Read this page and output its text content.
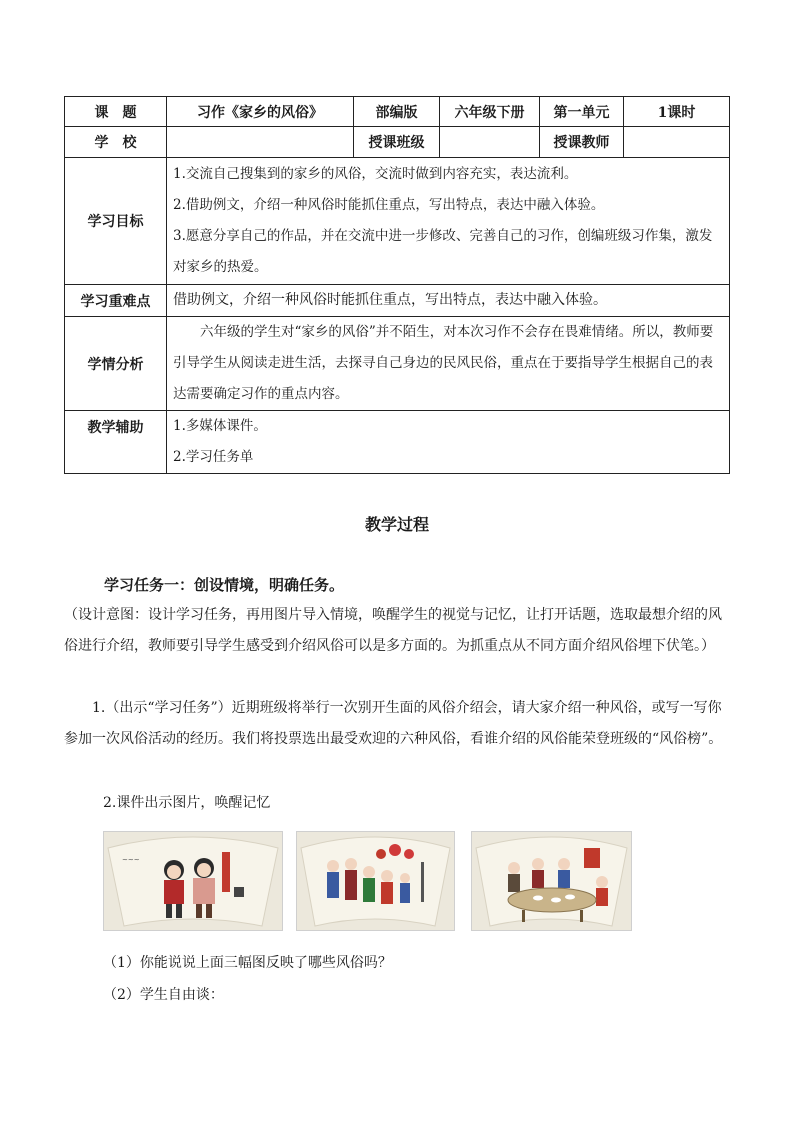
课　题	习作《家乡的风俗》	部编版	六年级下册	第一单元	1课时
学　校		授课班级		授课教师	
学习目标	1.交流自己搜集到的家乡的风俗，交流时做到内容充实，表达流利。
2.借助例文，介绍一种风俗时能抓住重点，写出特点，表达中融入体验。
3.愿意分享自己的作品，并在交流中进一步修改、完善自己的习作，创编班级习作集，激发对家乡的热爱。				

学习重难点	借助例文，介绍一种风俗时能抓住重点，写出特点，表达中融入体验。				
学情分析	六年级的学生对“家乡的风俗”并不陌生，对本次习作不会存在畏难情绪。所以，教师要引导学生从阅读走进生活，去探寻自己身边的民风民俗，重点在于要指导学生根据自己的表达需要确定习作的重点内容。				

教学辅助	1.多媒体课件。
2.学习任务单				
教学过程
学习任务一：创设情境，明确任务。
（设计意图：设计学习任务，再用图片导入情境，唤醒学生的视觉与记忆，让打开话题，选取最想介绍的风俗进行介绍，教师要引导学生感受到介绍风俗可以是多方面的。为抓重点从不同方面介绍风俗埋下伏笔。）
1.（出示“学习任务”）近期班级将举行一次别开生面的风俗介绍会，请大家介绍一种风俗，或写一写你参加一次风俗活动的经历。我们将投票选出最受欢迎的六种风俗，看谁介绍的风俗能荣登班级的“风俗榜”。
2.课件出示图片，唤醒记忆
~~~
（1）你能说说上面三幅图反映了哪些风俗吗？
（2）学生自由谈：
